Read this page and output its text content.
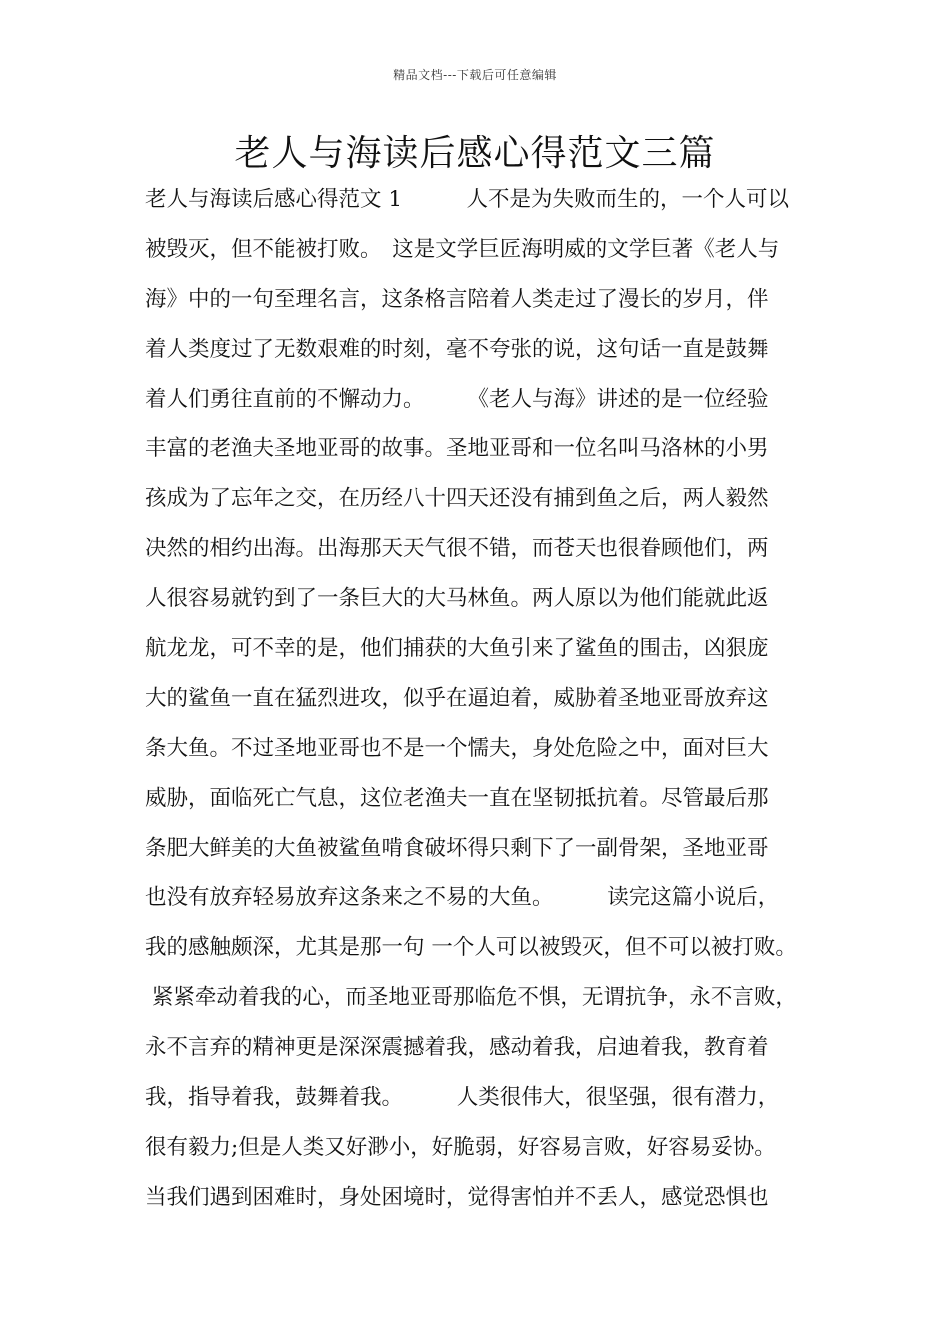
精品文档---下载后可任意编辑
老人与海读后感心得范文三篇
老人与海读后感心得范文 1　　　人不是为失败而生的，一个人可以
被毁灭，但不能被打败。　这是文学巨匠海明威的文学巨著《老人与
海》中的一句至理名言，这条格言陪着人类走过了漫长的岁月，伴
着人类度过了无数艰难的时刻，毫不夸张的说，这句话一直是鼓舞
着人们勇往直前的不懈动力。　　　《老人与海》讲述的是一位经验
丰富的老渔夫圣地亚哥的故事。圣地亚哥和一位名叫马洛林的小男
孩成为了忘年之交，在历经八十四天还没有捕到鱼之后，两人毅然
决然的相约出海。出海那天天气很不错，而苍天也很眷顾他们，两
人很容易就钓到了一条巨大的大马林鱼。两人原以为他们能就此返
航龙龙，可不幸的是，他们捕获的大鱼引来了鲨鱼的围击，凶狠庞
大的鲨鱼一直在猛烈进攻，似乎在逼迫着，威胁着圣地亚哥放弃这
条大鱼。不过圣地亚哥也不是一个懦夫，身处危险之中，面对巨大
威胁，面临死亡气息，这位老渔夫一直在坚韧抵抗着。尽管最后那
条肥大鲜美的大鱼被鲨鱼啃食破坏得只剩下了一副骨架，圣地亚哥
也没有放弃轻易放弃这条来之不易的大鱼。　　　读完这篇小说后，
我的感触颇深，尤其是那一句 一个人可以被毁灭，但不可以被打败。
紧紧牵动着我的心，而圣地亚哥那临危不惧，无谓抗争，永不言败，
永不言弃的精神更是深深震撼着我，感动着我，启迪着我，教育着
我，指导着我，鼓舞着我。　　　人类很伟大，很坚强，很有潜力，
很有毅力;但是人类又好渺小，好脆弱，好容易言败，好容易妥协。
当我们遇到困难时，身处困境时，觉得害怕并不丢人，感觉恐惧也
